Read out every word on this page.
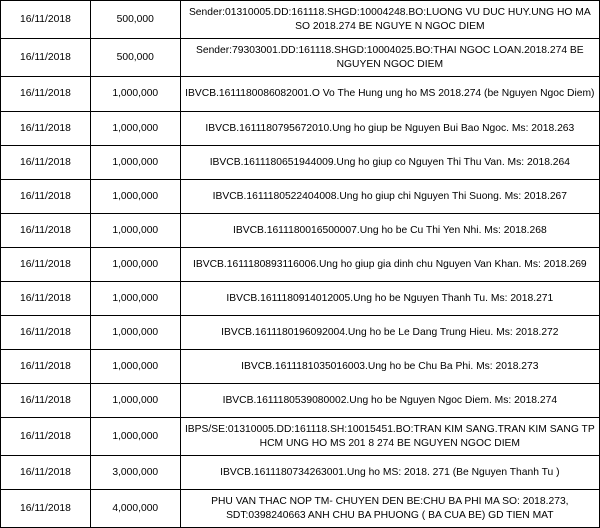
16/11/2018	500,000	Sender:01310005.DD:161118.SHGD:10004248.BO:LUONG VU DUC HUY.UNG HO MA SO 2018.274 BE NGUYE N NGOC DIEM
16/11/2018	500,000	Sender:79303001.DD:161118.SHGD:10004025.BO:THAI NGOC LOAN.2018.274 BE NGUYEN NGOC DIEM
16/11/2018	1,000,000	IBVCB.1611180086082001.O Vo The Hung ung ho MS 2018.274 (be Nguyen Ngoc Diem)
16/11/2018	1,000,000	IBVCB.1611180795672010.Ung ho giup be Nguyen Bui Bao Ngoc. Ms: 2018.263
16/11/2018	1,000,000	IBVCB.1611180651944009.Ung ho giup co Nguyen Thi Thu Van. Ms: 2018.264
16/11/2018	1,000,000	IBVCB.1611180522404008.Ung ho giup chi Nguyen Thi Suong. Ms: 2018.267
16/11/2018	1,000,000	IBVCB.1611180016500007.Ung ho be Cu Thi Yen Nhi. Ms: 2018.268
16/11/2018	1,000,000	IBVCB.1611180893116006.Ung ho giup gia dinh chu Nguyen Van Khan. Ms: 2018.269
16/11/2018	1,000,000	IBVCB.1611180914012005.Ung ho be Nguyen Thanh Tu. Ms: 2018.271
16/11/2018	1,000,000	IBVCB.1611180196092004.Ung ho be Le Dang Trung Hieu. Ms: 2018.272
16/11/2018	1,000,000	IBVCB.1611181035016003.Ung ho be Chu Ba Phi. Ms: 2018.273
16/11/2018	1,000,000	IBVCB.1611180539080002.Ung ho be Nguyen Ngoc Diem. Ms: 2018.274
16/11/2018	1,000,000	IBPS/SE:01310005.DD:161118.SH:10015451.BO:TRAN KIM SANG.TRAN KIM SANG TP HCM UNG HO MS 201 8 274 BE NGUYEN NGOC DIEM
16/11/2018	3,000,000	IBVCB.1611180734263001.Ung ho MS: 2018. 271 (Be Nguyen Thanh Tu )
16/11/2018	4,000,000	PHU VAN THAC NOP TM- CHUYEN DEN BE:CHU BA PHI MA SO: 2018.273, SDT:0398240663 ANH CHU BA PHUONG ( BA CUA BE) GD TIEN MAT
